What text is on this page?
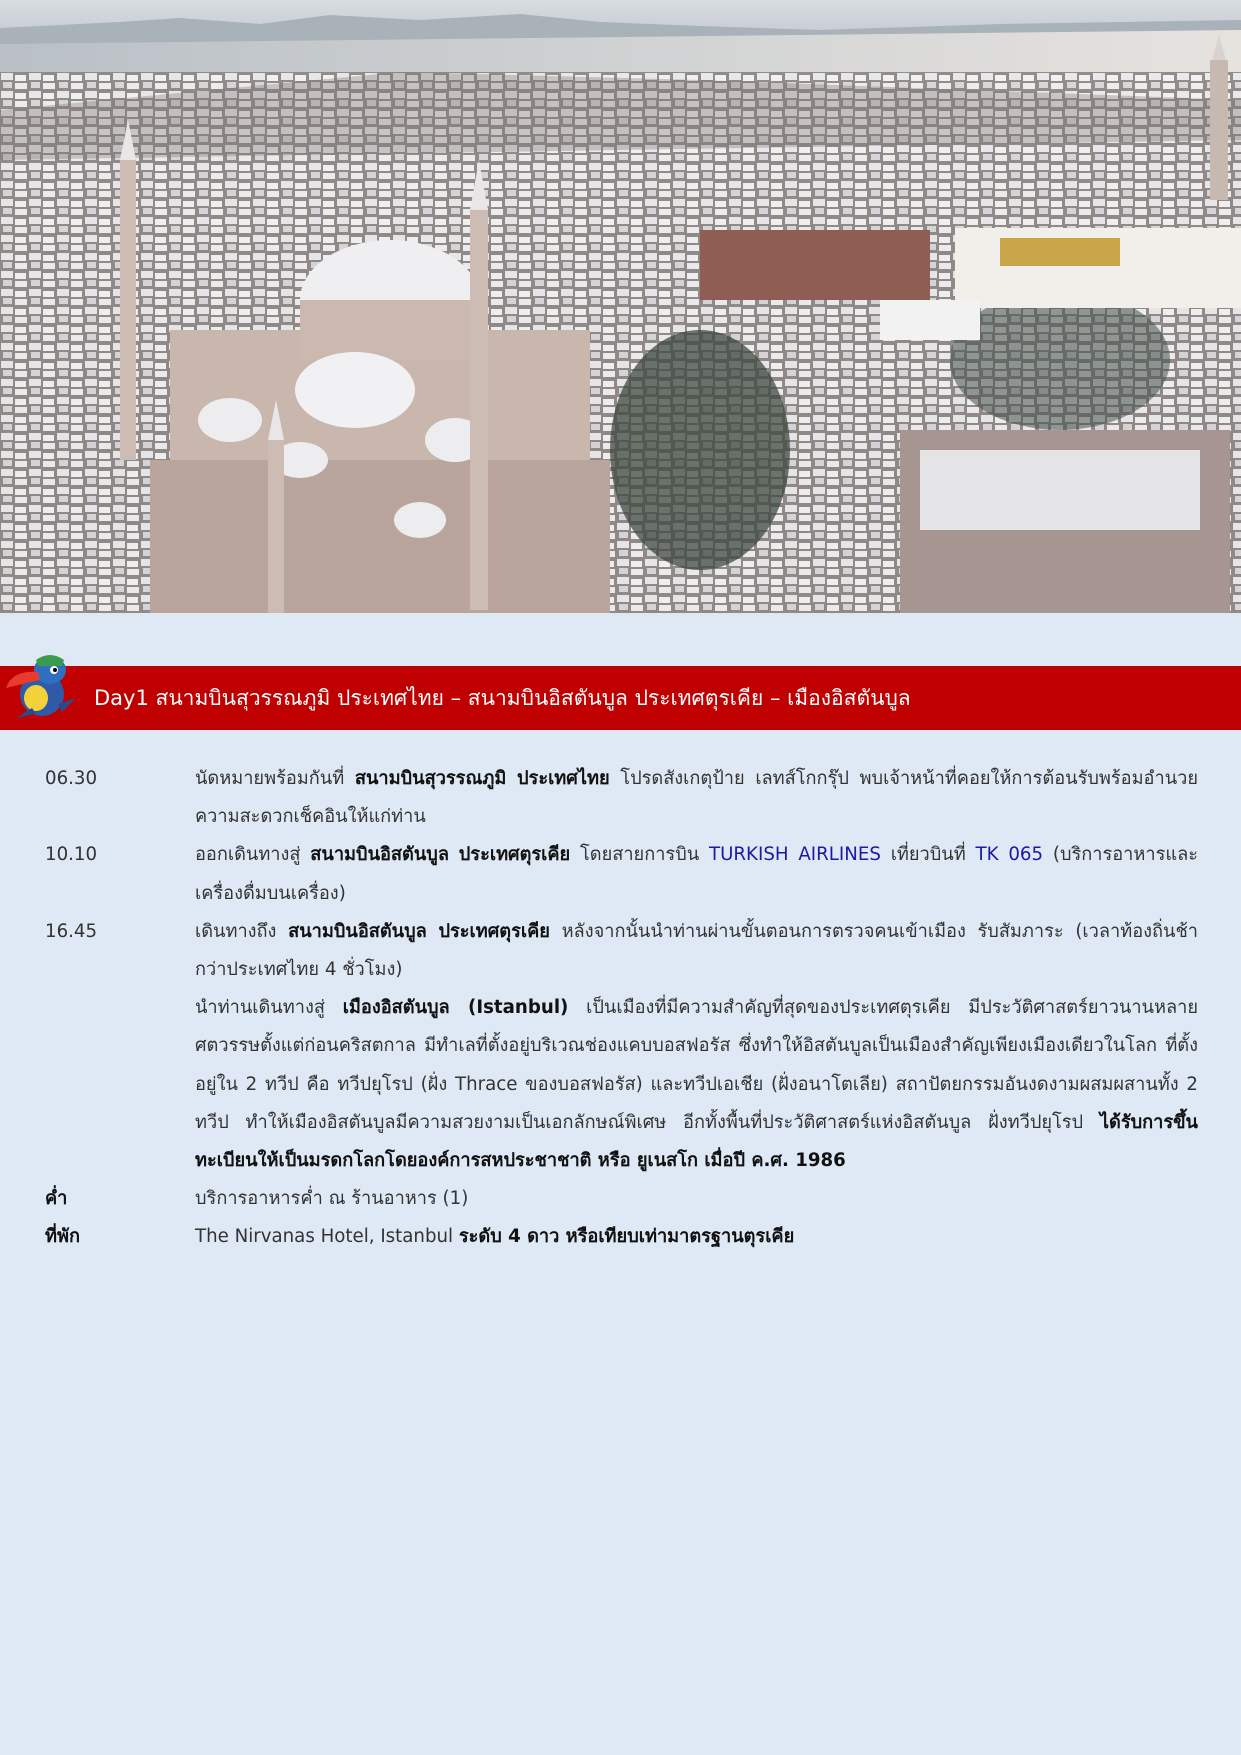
Day1 สนามบินสุวรรณภูมิ ประเทศไทย – สนามบินอิสตันบูล ประเทศตุรเคีย – เมืองอิสตันบูล
06.30	นัดหมายพร้อมกันที่ สนามบินสุวรรณภูมิ ประเทศไทย โปรดสังเกตุป้าย เลทส์โกกรุ๊ป พบเจ้าหน้าที่คอยให้การต้อนรับพร้อมอำนวยความสะดวกเช็คอินให้แก่ท่าน
10.10	ออกเดินทางสู่ สนามบินอิสตันบูล ประเทศตุรเคีย โดยสายการบิน TURKISH AIRLINES เที่ยวบินที่ TK 065 (บริการอาหารและเครื่องดื่มบนเครื่อง)
16.45	เดินทางถึง สนามบินอิสตันบูล ประเทศตุรเคีย หลังจากนั้นนำท่านผ่านขั้นตอนการตรวจคนเข้าเมือง รับสัมภาระ (เวลาท้องถิ่นช้ากว่าประเทศไทย 4 ชั่วโมง)
นำท่านเดินทางสู่ เมืองอิสตันบูล (Istanbul) เป็นเมืองที่มีความสำคัญที่สุดของประเทศตุรเคีย มีประวัติศาสตร์ยาวนานหลายศตวรรษตั้งแต่ก่อนคริสตกาล มีทำเลที่ตั้งอยู่บริเวณช่องแคบบอสฟอรัส ซึ่งทำให้อิสตันบูลเป็นเมืองสำคัญเพียงเมืองเดียวในโลก ที่ตั้งอยู่ใน 2 ทวีป คือ ทวีปยุโรป (ฝั่ง Thrace ของบอสฟอรัส) และทวีปเอเชีย (ฝั่งอนาโตเลีย) สถาปัตยกรรมอันงดงามผสมผสานทั้ง 2 ทวีป ทำให้เมืองอิสตันบูลมีความสวยงามเป็นเอกลักษณ์พิเศษ อีกทั้งพื้นที่ประวัติศาสตร์แห่งอิสตันบูล ฝั่งทวีปยุโรป ได้รับการขึ้นทะเบียนให้เป็นมรดกโลกโดยองค์การสหประชาชาติ หรือ ยูเนสโก เมื่อปี ค.ศ. 1986
ค่ำ	บริการอาหารค่ำ ณ ร้านอาหาร (1)
ที่พัก	The Nirvanas Hotel, Istanbul ระดับ 4 ดาว หรือเทียบเท่ามาตรฐานตุรเคีย
